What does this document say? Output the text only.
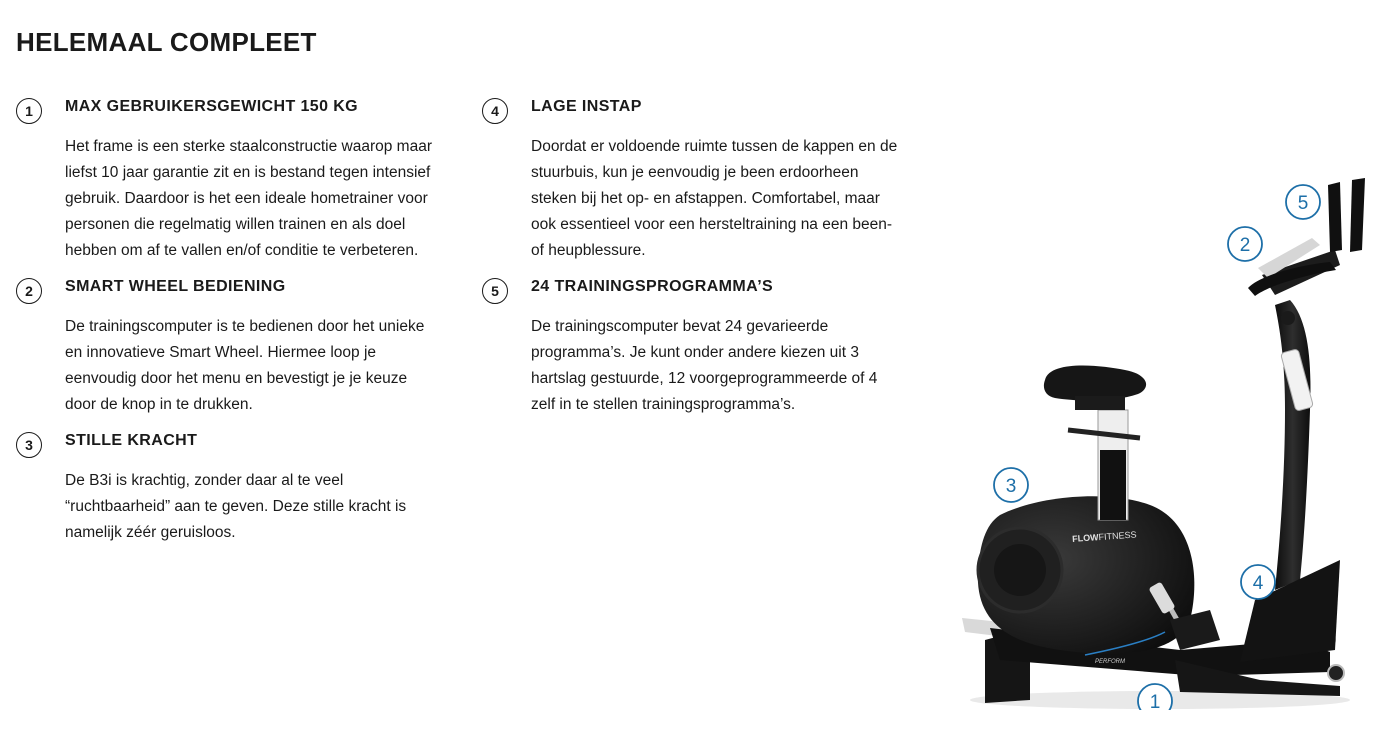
HELEMAAL COMPLEET
1	MAX GEBRUIKERSGEWICHT 150 KG

Het frame is een sterke staalconstructie waarop maar
liefst 10 jaar garantie zit en is bestand tegen intensief
gebruik. Daardoor is het een ideale hometrainer voor
personen die regelmatig willen trainen en als doel
hebben om af te vallen en/of conditie te verbeteren.

2	SMART WHEEL BEDIENING

De trainingscomputer is te bedienen door het unieke
en innovatieve Smart Wheel. Hiermee loop je
eenvoudig door het menu en bevestigt je je keuze
door de knop in te drukken.

3	STILLE KRACHT

De B3i is krachtig, zonder daar al te veel
“ruchtbaarheid” aan te geven. Deze stille kracht is
namelijk zéér geruisloos.

4	LAGE INSTAP

Doordat er voldoende ruimte tussen de kappen en de
stuurbuis, kun je eenvoudig je been erdoorheen
steken bij het op- en afstappen. Comfortabel, maar
ook essentieel voor een hersteltraining na een been-
of heupblessure.

5	24 TRAININGSPROGRAMMA’S

De trainingscomputer bevat 24 gevarieerde
programma’s. Je kunt onder andere kiezen uit 3
hartslag gestuurde, 12 voorgeprogrammeerde of 4
zelf in te stellen trainingsprogramma’s.

PERFORM
FLOWFITNESS
5
2
3
4
1
